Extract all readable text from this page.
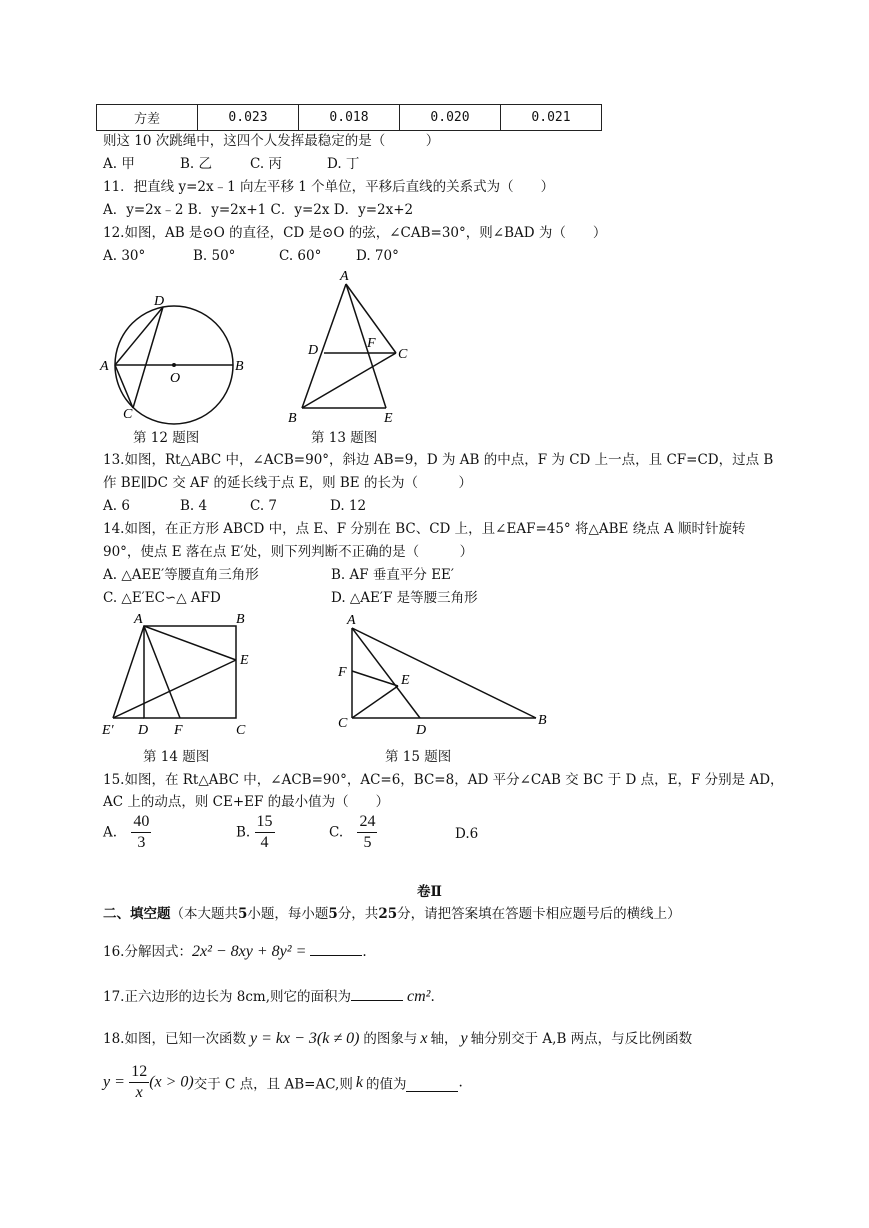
方差	0.023	0.018	0.020	0.021
则这 10 次跳绳中，这四个人发挥最稳定的是（　　　）
A. 甲	B. 乙	C. 丙	D. 丁
11．把直线 y=2x﹣1 向左平移 1 个单位，平移后直线的关系式为（　　）
A．y=2x﹣2 B．y=2x+1 C．y=2x D．y=2x+2
12.如图，AB 是⊙O 的直径，CD 是⊙O 的弦，∠CAB=30°，则∠BAD 为（　　）
A. 30°	B. 50°	C. 60°	D. 70°
A	B
C
D
O
第 12 题图
A
B
C
D
E
F
第 13 题图
13.如图，Rt△ABC 中，∠ACB=90°，斜边 AB=9，D 为 AB 的中点，F 为 CD 上一点，且 CF=CD，过点 B
作 BE∥DC 交 AF 的延长线于点 E，则 BE 的长为（　　　）
A. 6	B. 4	C. 7	D. 12
14.如图，在正方形 ABCD 中，点 E、F 分别在 BC、CD 上，且∠EAF=45° 将△ABE 绕点 A 顺时针旋转
90°，使点 E 落在点 E′处，则下列判断不正确的是（　　　）
A. △AEE′等腰直角三角形	B. AF 垂直平分 EE′
C. △E′EC∽△ AFD	D. △AE′F 是等腰三角形
A	B
C
D
E
E′	F
第 14 题图
A
B
C	D
E
F
第 15 题图
15.如图，在 Rt△ABC 中，∠ACB=90°，AC=6，BC=8，AD 平分∠CAB 交 BC 于 D 点，E，F 分别是 AD，
AC 上的动点，则 CE+EF 的最小值为（　　）
A. $\frac{40}{3}$	B. $\frac{15}{4}$	C. $\frac{24}{5}$	D.6
卷Ⅱ
二、填空题（本大题共5小题，每小题5分，共25分，请把答案填在答题卡相应题号后的横线上）
16.分解因式：2x² − 8xy + 8y² =	.
17.正六边形的边长为 8cm,则它的面积为	cm².
18.如图，已知一次函数 y = kx − 3(k ≠ 0) 的图象与 x 轴， y 轴分别交于 A,B 两点，与反比例函数
$y = \frac{12}{x} (x > 0)$交于 C 点，且 AB=AC,则 k 的值为	.
